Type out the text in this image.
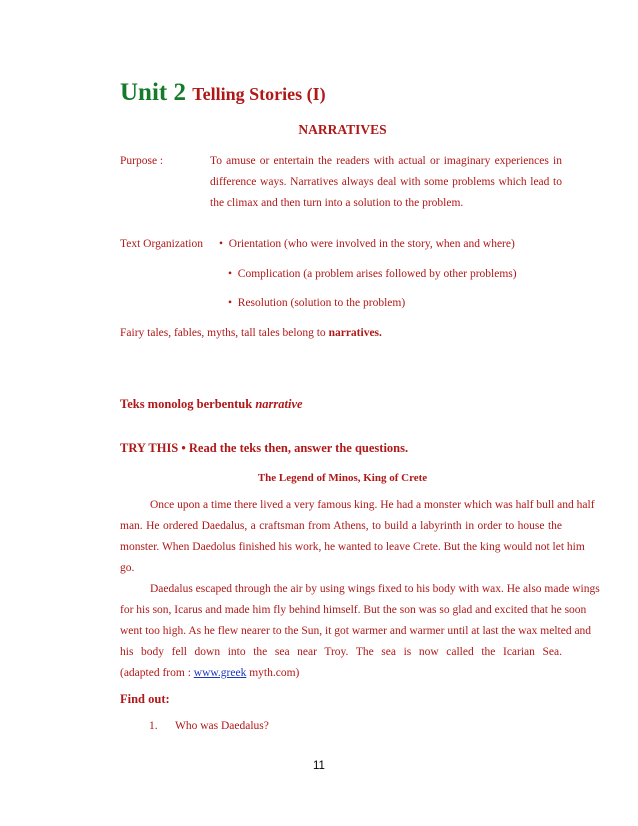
Unit 2 Telling Stories (I)
NARRATIVES
Purpose :	To amuse or entertain the readers with actual or imaginary experiences in
difference ways. Narratives always deal with some problems which lead to
the climax and then turn into a solution to the problem.
Text Organization • Orientation (who were involved in the story, when and where)
• Complication (a problem arises followed by other problems)
• Resolution (solution to the problem)
Fairy tales, fables, myths, tall tales belong to narratives.
Teks monolog berbentuk narrative
TRY THIS • Read the teks then, answer the questions.
The Legend of Minos, King of Crete
Once upon a time there lived a very famous king. He had a monster which was half bull and half
man. He ordered Daedalus, a craftsman from Athens, to build a labyrinth in order to house the
monster. When Daedolus finished his work, he wanted to leave Crete. But the king would not let him
go.
Daedalus escaped through the air by using wings fixed to his body with wax. He also made wings
for his son, Icarus and made him fly behind himself. But the son was so glad and excited that he soon
went too high. As he flew nearer to the Sun, it got warmer and warmer until at last the wax melted and
his body fell down into the sea near Troy. The sea is now called the Icarian Sea.
(adapted from : www.greek myth.com)
Find out:
1. Who was Daedalus?
11
